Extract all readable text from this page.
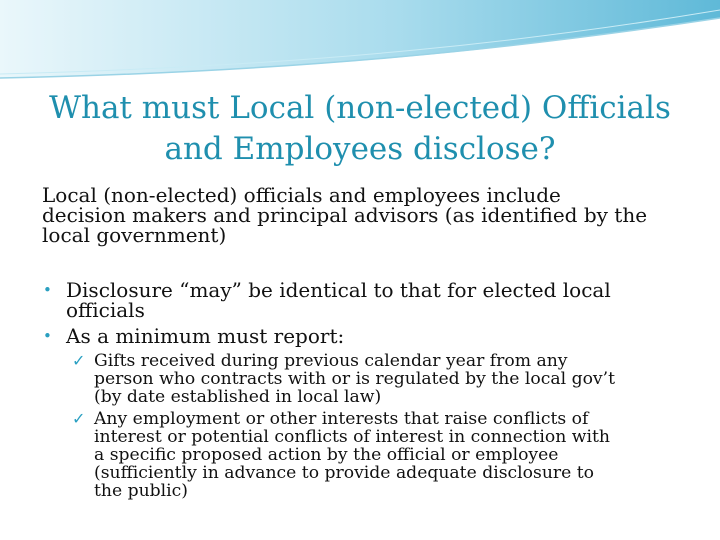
What must Local (non-elected) Officials
and Employees disclose?

Local (non-elected) officials and employees include
decision makers and principal advisors (as identified by the
local government)

• Disclosure “may” be identical to that for elected local
officials
• As a minimum must report:
✓ Gifts received during previous calendar year from any
person who contracts with or is regulated by the local gov’t
(by date established in local law)
✓ Any employment or other interests that raise conflicts of
interest or potential conflicts of interest in connection with
a specific proposed action by the official or employee
(sufficiently in advance to provide adequate disclosure to
the public)
